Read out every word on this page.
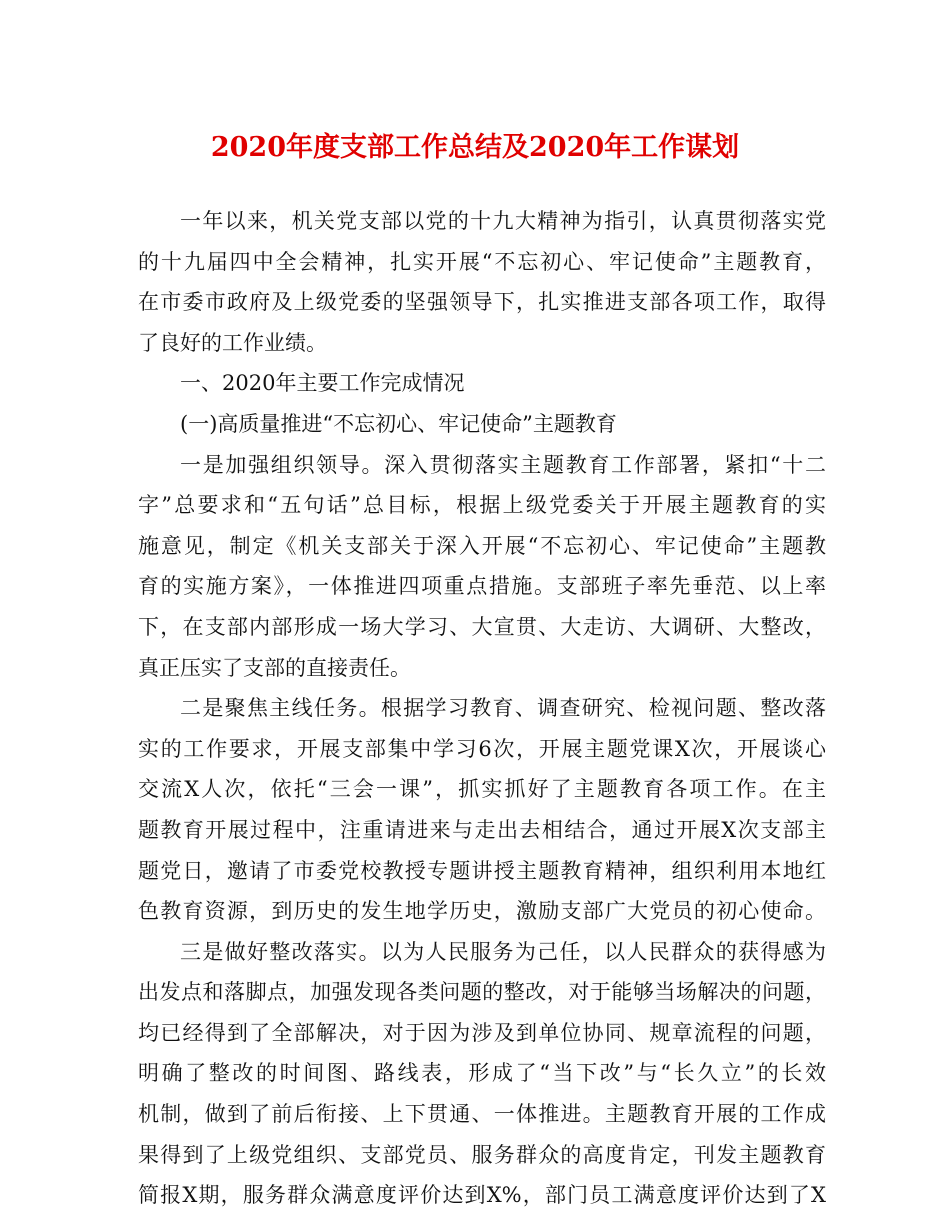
2020年度支部工作总结及2020年工作谋划
一年以来，机关党支部以党的十九大精神为指引，认真贯彻落实党
的十九届四中全会精神，扎实开展“不忘初心、牢记使命”主题教育，
在市委市政府及上级党委的坚强领导下，扎实推进支部各项工作，取得
了良好的工作业绩。
一、2020年主要工作完成情况
(一)高质量推进“不忘初心、牢记使命”主题教育
一是加强组织领导。深入贯彻落实主题教育工作部署，紧扣“十二
字”总要求和“五句话”总目标，根据上级党委关于开展主题教育的实
施意见，制定《机关支部关于深入开展“不忘初心、牢记使命”主题教
育的实施方案》，一体推进四项重点措施。支部班子率先垂范、以上率
下，在支部内部形成一场大学习、大宣贯、大走访、大调研、大整改，
真正压实了支部的直接责任。
二是聚焦主线任务。根据学习教育、调查研究、检视问题、整改落
实的工作要求，开展支部集中学习6次，开展主题党课X次，开展谈心
交流X人次，依托“三会一课”，抓实抓好了主题教育各项工作。在主
题教育开展过程中，注重请进来与走出去相结合，通过开展X次支部主
题党日，邀请了市委党校教授专题讲授主题教育精神，组织利用本地红
色教育资源，到历史的发生地学历史，激励支部广大党员的初心使命。
三是做好整改落实。以为人民服务为己任，以人民群众的获得感为
出发点和落脚点，加强发现各类问题的整改，对于能够当场解决的问题，
均已经得到了全部解决，对于因为涉及到单位协同、规章流程的问题，
明确了整改的时间图、路线表，形成了“当下改”与“长久立”的长效
机制，做到了前后衔接、上下贯通、一体推进。主题教育开展的工作成
果得到了上级党组织、支部党员、服务群众的高度肯定，刊发主题教育
简报X期，服务群众满意度评价达到X%，部门员工满意度评价达到了X
